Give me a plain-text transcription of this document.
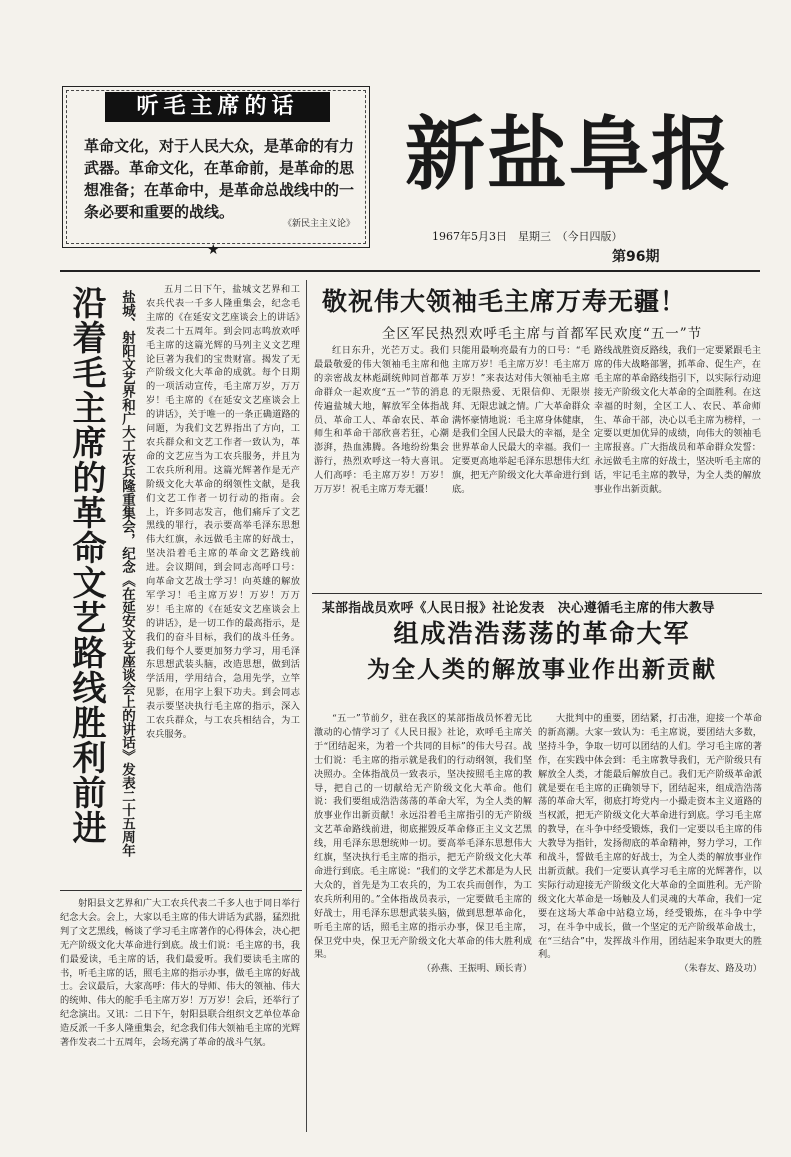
听毛主席的话
革命文化，对于人民大众，是革命的有力武器。革命文化，在革命前，是革命的思想准备；在革命中，是革命总战线中的一条必要和重要的战线。
《新民主主义论》
★
新盐阜报
1967年5月3日　星期三　（今日四版）
第96期
沿着毛主席的革命文艺路线胜利前进 盐城、射阳文艺界和广大工农兵隆重集会，纪念《在延安文艺座谈会上的讲话》发表二十五周年
五月二日下午，盐城文艺界和工农兵代表一千多人隆重集会，纪念毛主席的《在延安文艺座谈会上的讲话》发表二十五周年。到会同志鸣放欢呼毛主席的这篇光辉的马列主义文艺理论巨著为我们的宝贵财富。揭发了无产阶级文化大革命的成就。每个日期的一项活动宣传，毛主席万岁，万万岁！毛主席的《在延安文艺座谈会上的讲话》，关于唯一的一条正确道路的问题，为我们文艺界指出了方向，工农兵群众和文艺工作者一致认为，革命的文艺应当为工农兵服务，并且为工农兵所利用。这篇光辉著作是无产阶级文化大革命的纲领性文献，是我们文艺工作者一切行动的指南。会上，许多同志发言，他们痛斥了文艺黑线的罪行，表示要高举毛泽东思想伟大红旗，永远做毛主席的好战士，坚决沿着毛主席的革命文艺路线前进。会议期间，到会同志高呼口号：向革命文艺战士学习！向英雄的解放军学习！毛主席万岁！万岁！万万岁！毛主席的《在延安文艺座谈会上的讲话》，是一切工作的最高指示，是我们的奋斗目标，我们的战斗任务。我们每个人要更加努力学习，用毛泽东思想武装头脑，改造思想，做到活学活用，学用结合，急用先学，立竿见影，在用字上狠下功夫。到会同志表示要坚决执行毛主席的指示，深入工农兵群众，与工农兵相结合，为工农兵服务。
射阳县文艺界和广大工农兵代表二千多人也于同日举行纪念大会。会上，大家以毛主席的伟大讲话为武器，猛烈批判了文艺黑线，畅谈了学习毛主席著作的心得体会，决心把无产阶级文化大革命进行到底。战士们说：毛主席的书，我们最爱读，毛主席的话，我们最爱听。我们要读毛主席的书，听毛主席的话，照毛主席的指示办事，做毛主席的好战士。会议最后，大家高呼：伟大的导师、伟大的领袖、伟大的统帅、伟大的舵手毛主席万岁！万万岁！会后，还举行了纪念演出。又讯：二日下午，射阳县联合组织文艺单位革命造反派一千多人隆重集会，纪念我们伟大领袖毛主席的光辉著作发表二十五周年，会场充满了革命的战斗气氛。
敬祝伟大领袖毛主席万寿无疆！
全区军民热烈欢呼毛主席与首都军民欢度“五一”节
红日东升，光芒万丈。我们最最敬爱的伟大领袖毛主席和他的亲密战友林彪副统帅同首都革命群众一起欢度“五一”节的消息传遍盐城大地，解放军全体指战员、革命工人、革命农民、革命师生和革命干部欣喜若狂，心潮澎湃，热血沸腾。各地纷纷集会游行，热烈欢呼这一特大喜讯。人们高呼：毛主席万岁！万岁！万万岁！祝毛主席万寿无疆！
只能用最响亮最有力的口号：“毛主席万岁！毛主席万岁！毛主席万万岁！”来表达对伟大领袖毛主席的无限热爱、无限信仰、无限崇拜、无限忠诚之情。广大革命群众满怀豪情地说：毛主席身体健康，是我们全国人民最大的幸福，是全世界革命人民最大的幸福。我们一定要更高地举起毛泽东思想伟大红旗，把无产阶级文化大革命进行到底。
路线战胜资反路线，我们一定要紧跟毛主席的伟大战略部署，抓革命、促生产，在毛主席的革命路线指引下，以实际行动迎接无产阶级文化大革命的全面胜利。在这幸福的时刻，全区工人、农民、革命师生、革命干部，决心以毛主席为榜样，一定要以更加优异的成绩，向伟大的领袖毛主席报喜。广大指战员和革命群众发誓：永远做毛主席的好战士，坚决听毛主席的话，牢记毛主席的教导，为全人类的解放事业作出新贡献。
某部指战员欢呼《人民日报》社论发表　决心遵循毛主席的伟大教导
组成浩浩荡荡的革命大军
为全人类的解放事业作出新贡献
“五一”节前夕，驻在我区的某部指战员怀着无比激动的心情学习了《人民日报》社论，欢呼毛主席关于“团结起来，为着一个共同的目标”的伟大号召。战士们说：毛主席的指示就是我们的行动纲领，我们坚决照办。全体指战员一致表示，坚决按照毛主席的教导，把自己的一切献给无产阶级文化大革命。他们说：我们要组成浩浩荡荡的革命大军，为全人类的解放事业作出新贡献！永远沿着毛主席指引的无产阶级文艺革命路线前进，彻底摧毁反革命修正主义文艺黑线，用毛泽东思想统帅一切。要高举毛泽东思想伟大红旗，坚决执行毛主席的指示，把无产阶级文化大革命进行到底。毛主席说：“我们的文学艺术都是为人民大众的，首先是为工农兵的，为工农兵而创作，为工农兵所利用的。”全体指战员表示，一定要做毛主席的好战士，用毛泽东思想武装头脑，做到思想革命化，听毛主席的话，照毛主席的指示办事，保卫毛主席，保卫党中央，保卫无产阶级文化大革命的伟大胜利成果。
（孙燕、王振明、顾长青）
大批判中的重要，团结紧，打击准，迎接一个革命的新高潮。大家一致认为：毛主席说，要团结大多数，坚持斗争，争取一切可以团结的人们。学习毛主席的著作，在实践中体会到：毛主席教导我们，无产阶级只有解放全人类，才能最后解放自己。我们无产阶级革命派就是要在毛主席的正确领导下，团结起来，组成浩浩荡荡的革命大军，彻底打垮党内一小撮走资本主义道路的当权派，把无产阶级文化大革命进行到底。学习毛主席的教导，在斗争中经受锻炼，我们一定要以毛主席的伟大教导为指针，发扬彻底的革命精神，努力学习，工作和战斗，誓做毛主席的好战士，为全人类的解放事业作出新贡献。我们一定要认真学习毛主席的光辉著作，以实际行动迎接无产阶级文化大革命的全面胜利。无产阶级文化大革命是一场触及人们灵魂的大革命，我们一定要在这场大革命中站稳立场，经受锻炼，在斗争中学习，在斗争中成长，做一个坚定的无产阶级革命战士，在“三结合”中，发挥战斗作用，团结起来争取更大的胜利。
（朱春友、路及功）
